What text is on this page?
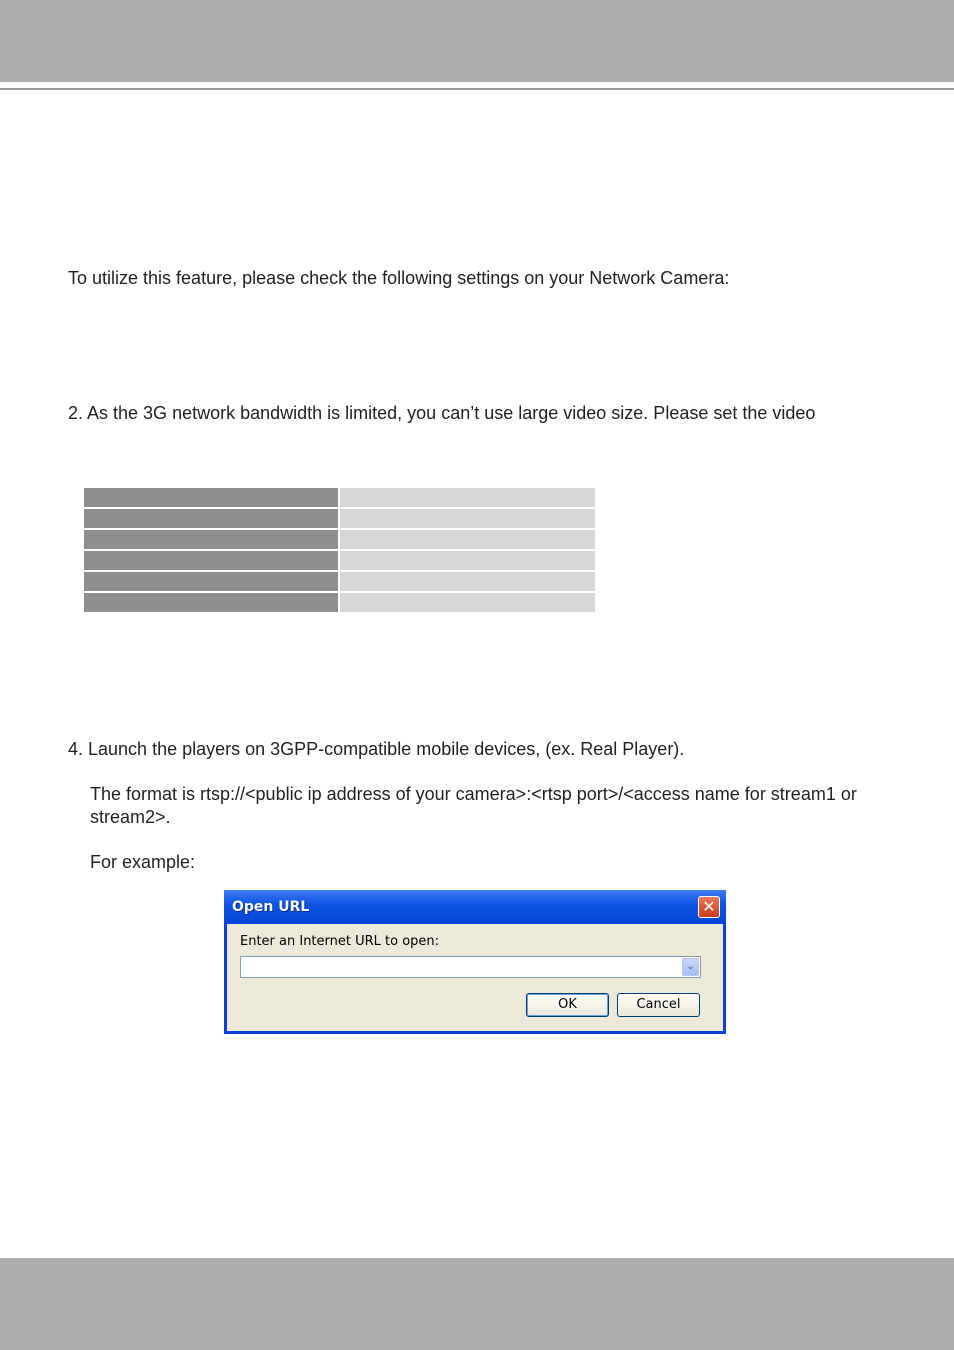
To utilize this feature, please check the following settings on your Network Camera:
2. As the 3G network bandwidth is limited, you can’t use large video size. Please set the video
4. Launch the players on 3GPP-compatible mobile devices, (ex. Real Player).
The format is rtsp://<public ip address of your camera>:<rtsp port>/<access name for stream1 or stream2>.
For example:
Open URL	✕
Enter an Internet URL to open:
⌄
OK	Cancel
